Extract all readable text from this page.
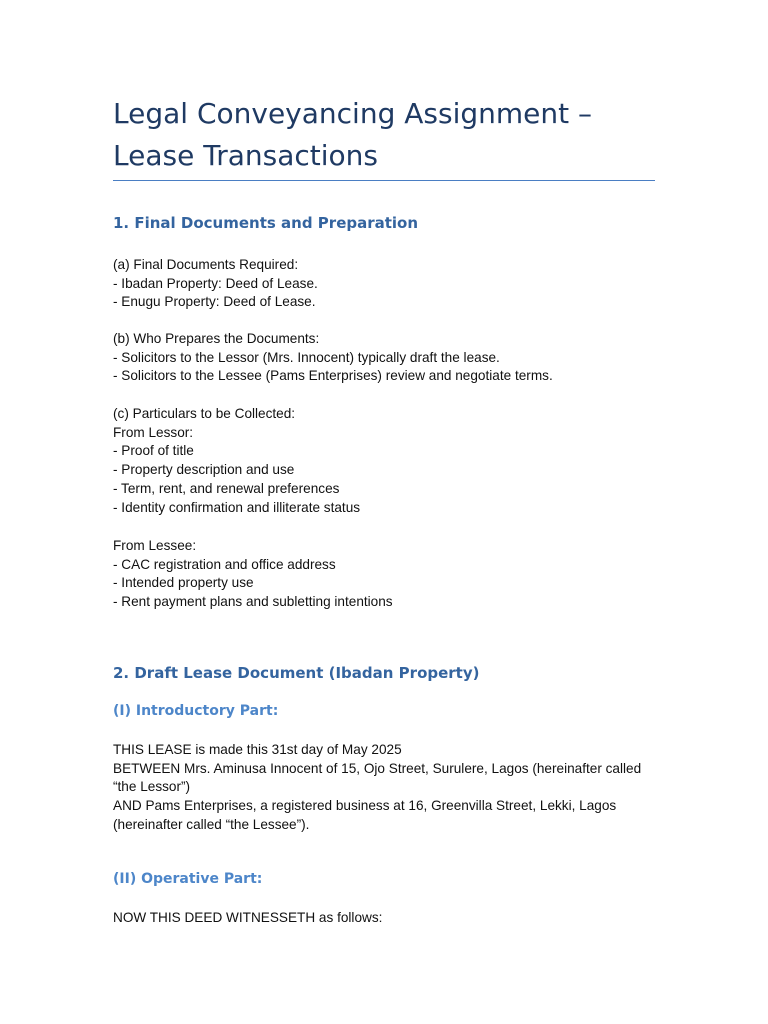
Legal Conveyancing Assignment – Lease Transactions
1. Final Documents and Preparation
(a) Final Documents Required:
- Ibadan Property: Deed of Lease.
- Enugu Property: Deed of Lease.
(b) Who Prepares the Documents:
- Solicitors to the Lessor (Mrs. Innocent) typically draft the lease.
- Solicitors to the Lessee (Pams Enterprises) review and negotiate terms.
(c) Particulars to be Collected:
From Lessor:
- Proof of title
- Property description and use
- Term, rent, and renewal preferences
- Identity confirmation and illiterate status
From Lessee:
- CAC registration and office address
- Intended property use
- Rent payment plans and subletting intentions
2. Draft Lease Document (Ibadan Property)
(I) Introductory Part:
THIS LEASE is made this 31st day of May 2025
BETWEEN Mrs. Aminusa Innocent of 15, Ojo Street, Surulere, Lagos (hereinafter called “the Lessor”)
AND Pams Enterprises, a registered business at 16, Greenvilla Street, Lekki, Lagos (hereinafter called “the Lessee”).
(II) Operative Part:
NOW THIS DEED WITNESSETH as follows:
